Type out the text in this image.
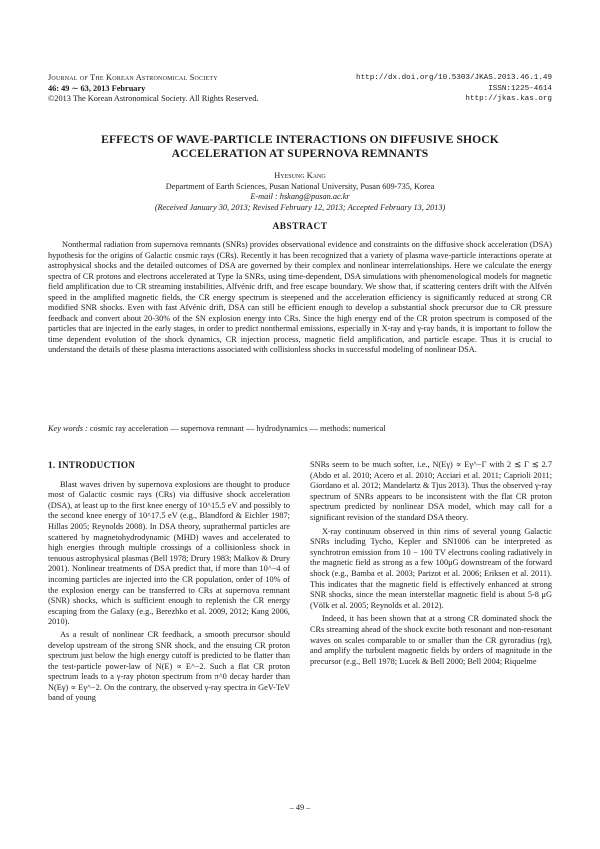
Journal of The Korean Astronomical Society
46: 49 ∼ 63, 2013 February
©2013 The Korean Astronomical Society. All Rights Reserved.
http://dx.doi.org/10.5303/JKAS.2013.46.1.49
ISSN:1225-4614
http://jkas.kas.org
EFFECTS OF WAVE-PARTICLE INTERACTIONS ON DIFFUSIVE SHOCK
ACCELERATION AT SUPERNOVA REMNANTS
Hyesung Kang
Department of Earth Sciences, Pusan National University, Pusan 609-735, Korea
E-mail : hskang@pusan.ac.kr
(Received January 30, 2013; Revised February 12, 2013; Accepted February 13, 2013)
ABSTRACT

Nonthermal radiation from supernova remnants (SNRs) provides observational evidence and constraints on the diffusive shock acceleration (DSA) hypothesis for the origins of Galactic cosmic rays (CRs). Recently it has been recognized that a variety of plasma wave-particle interactions operate at astrophysical shocks and the detailed outcomes of DSA are governed by their complex and nonlinear interrelationships. Here we calculate the energy spectra of CR protons and electrons accelerated at Type Ia SNRs, using time-dependent, DSA simulations with phenomenological models for magnetic field amplification due to CR streaming instabilities, Alfvénic drift, and free escape boundary. We show that, if scattering centers drift with the Alfvén speed in the amplified magnetic fields, the CR energy spectrum is steepened and the acceleration efficiency is significantly reduced at strong CR modified SNR shocks. Even with fast Afvénic drift, DSA can still be efficient enough to develop a substantial shock precursor due to CR pressure feedback and convert about 20-30% of the SN explosion energy into CRs. Since the high energy end of the CR proton spectrum is composed of the particles that are injected in the early stages, in order to predict nonthermal emissions, especially in X-ray and γ-ray bands, it is important to follow the time dependent evolution of the shock dynamics, CR injection process, magnetic field amplification, and particle escape. Thus it is crucial to understand the details of these plasma interactions associated with collisionless shocks in successful modeling of nonlinear DSA.

Key words : cosmic ray acceleration — supernova remnant — hydrodynamics — methods: numerical
1. INTRODUCTION

Blast waves driven by supernova explosions are thought to produce most of Galactic cosmic rays (CRs) via diffusive shock acceleration (DSA), at least up to the first knee energy of 10^15.5 eV and possibly to the second knee energy of 10^17.5 eV (e.g., Blandford & Eichler 1987; Hillas 2005; Reynolds 2008). In DSA theory, suprathermal particles are scattered by magnetohydrodynamic (MHD) waves and accelerated to high energies through multiple crossings of a collisionless shock in tenuous astrophysical plasmas (Bell 1978; Drury 1983; Malkov & Drury 2001). Nonlinear treatments of DSA predict that, if more than 10^−4 of incoming particles are injected into the CR population, order of 10% of the explosion energy can be transferred to CRs at supernova remnant (SNR) shocks, which is sufficient enough to replenish the CR energy escaping from the Galaxy (e.g., Berezhko et al. 2009, 2012; Kang 2006, 2010).

As a result of nonlinear CR feedback, a smooth precursor should develop upstream of the strong SNR shock, and the ensuing CR proton spectrum just below the high energy cutoff is predicted to be flatter than the test-particle power-law of N(E) ∝ E^−2. Such a flat CR proton spectrum leads to a γ-ray photon spectrum from π^0 decay harder than N(Eγ) ∝ Eγ^−2. On the contrary, the observed γ-ray spectra in GeV-TeV band of young

SNRs seem to be much softer, i.e., N(Eγ) ∝ Eγ^−Γ with 2 ≲ Γ ≲ 2.7 (Abdo et al. 2010; Acero et al. 2010; Acciari et al. 2011; Caprioli 2011; Giordano et al. 2012; Mandelartz & Tjus 2013). Thus the observed γ-ray spectrum of SNRs appears to be inconsistent with the flat CR proton spectrum predicted by nonlinear DSA model, which may call for a significant revision of the standard DSA theory.

X-ray continuum observed in thin rims of several young Galactic SNRs including Tycho, Kepler and SN1006 can be interpreted as synchrotron emission from 10 − 100 TV electrons cooling radiatively in the magnetic field as strong as a few 100μG downstream of the forward shock (e.g., Bamba et al. 2003; Parizot et al. 2006; Eriksen et al. 2011). This indicates that the magnetic field is effectively enhanced at strong SNR shocks, since the mean interstellar magnetic field is about 5-8 μG (Völk et al. 2005; Reynolds et al. 2012).

Indeed, it has been shown that at a strong CR dominated shock the CRs streaming ahead of the shock excite both resonant and non-resonant waves on scales comparable to or smaller than the CR gyroradius (rg), and amplify the turbulent magnetic fields by orders of magnitude in the precursor (e.g., Bell 1978; Lucek & Bell 2000; Bell 2004; Riquelme

– 49 –
